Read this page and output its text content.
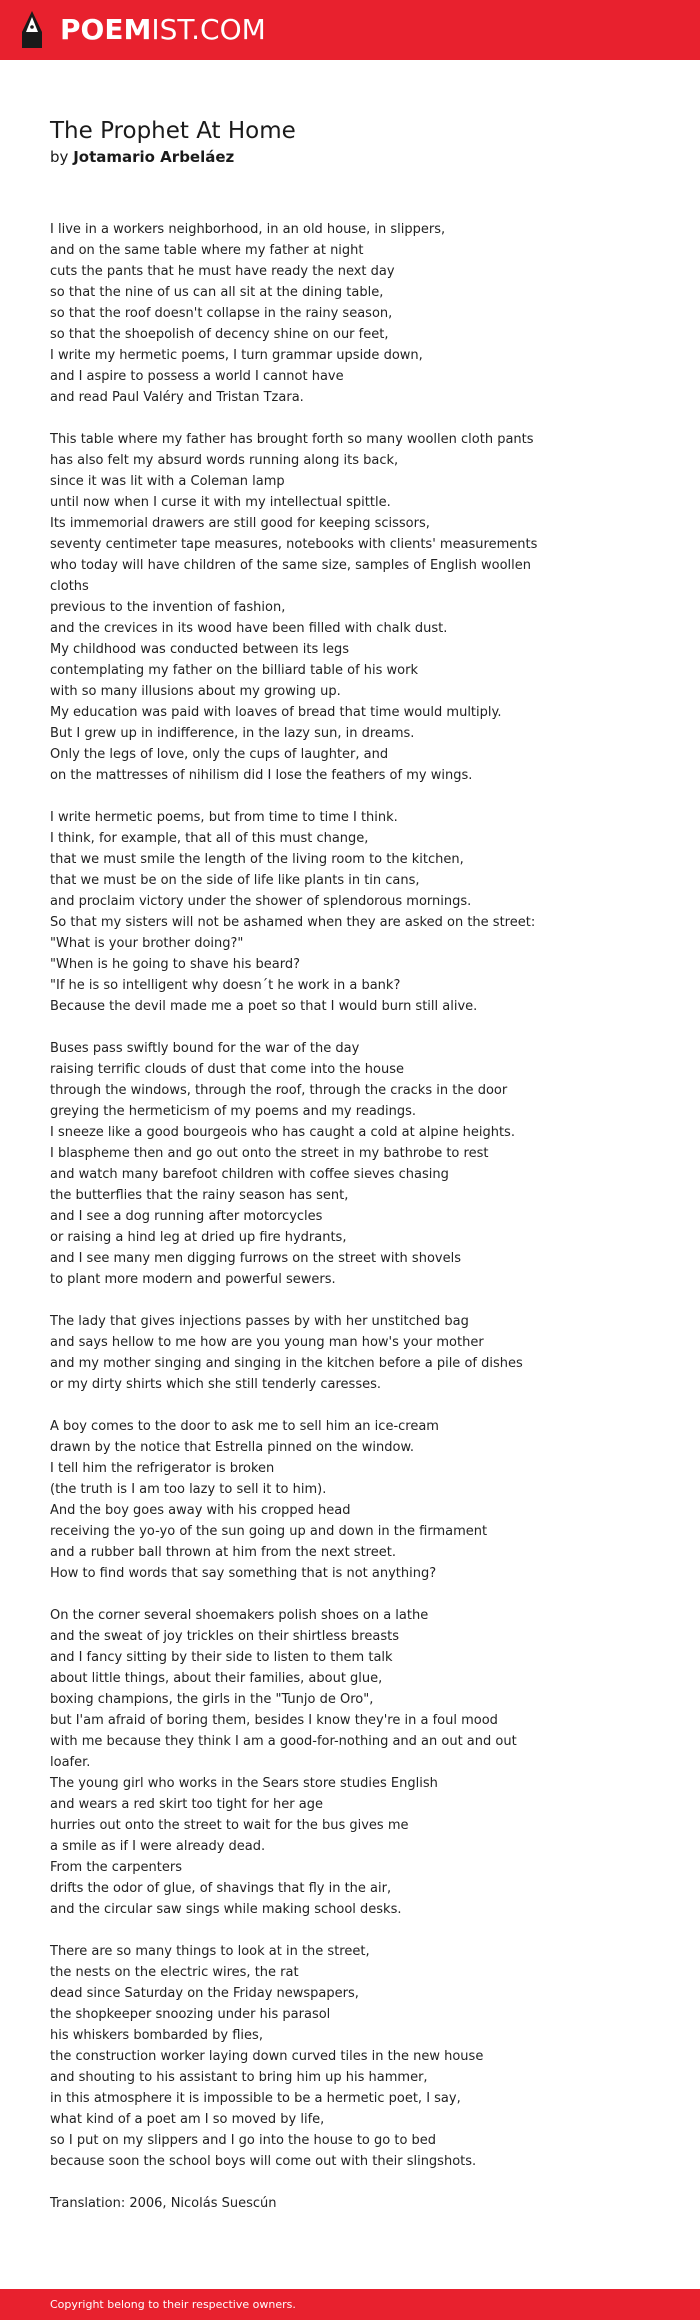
POEMIST.COM
The Prophet At Home
by Jotamario Arbeláez
I live in a workers neighborhood, in an old house, in slippers,
and on the same table where my father at night
cuts the pants that he must have ready the next day
so that the nine of us can all sit at the dining table,
so that the roof doesn't collapse in the rainy season,
so that the shoepolish of decency shine on our feet,
I write my hermetic poems, I turn grammar upside down,
and I aspire to possess a world I cannot have
and read Paul Valéry and Tristan Tzara.
This table where my father has brought forth so many woollen cloth pants
has also felt my absurd words running along its back,
since it was lit with a Coleman lamp
until now when I curse it with my intellectual spittle.
Its immemorial drawers are still good for keeping scissors,
seventy centimeter tape measures, notebooks with clients' measurements
who today will have children of the same size, samples of English woollen
cloths
previous to the invention of fashion,
and the crevices in its wood have been filled with chalk dust.
My childhood was conducted between its legs
contemplating my father on the billiard table of his work
with so many illusions about my growing up.
My education was paid with loaves of bread that time would multiply.
But I grew up in indifference, in the lazy sun, in dreams.
Only the legs of love, only the cups of laughter, and
on the mattresses of nihilism did I lose the feathers of my wings.
I write hermetic poems, but from time to time I think.
I think, for example, that all of this must change,
that we must smile the length of the living room to the kitchen,
that we must be on the side of life like plants in tin cans,
and proclaim victory under the shower of splendorous mornings.
So that my sisters will not be ashamed when they are asked on the street:
"What is your brother doing?"
"When is he going to shave his beard?
"If he is so intelligent why doesn´t he work in a bank?
Because the devil made me a poet so that I would burn still alive.
Buses pass swiftly bound for the war of the day
raising terrific clouds of dust that come into the house
through the windows, through the roof, through the cracks in the door
greying the hermeticism of my poems and my readings.
I sneeze like a good bourgeois who has caught a cold at alpine heights.
I blaspheme then and go out onto the street in my bathrobe to rest
and watch many barefoot children with coffee sieves chasing
the butterflies that the rainy season has sent,
and I see a dog running after motorcycles
or raising a hind leg at dried up fire hydrants,
and I see many men digging furrows on the street with shovels
to plant more modern and powerful sewers.
The lady that gives injections passes by with her unstitched bag
and says hellow to me how are you young man how's your mother
and my mother singing and singing in the kitchen before a pile of dishes
or my dirty shirts which she still tenderly caresses.
A boy comes to the door to ask me to sell him an ice-cream
drawn by the notice that Estrella pinned on the window.
I tell him the refrigerator is broken
(the truth is I am too lazy to sell it to him).
And the boy goes away with his cropped head
receiving the yo-yo of the sun going up and down in the firmament
and a rubber ball thrown at him from the next street.
How to find words that say something that is not anything?
On the corner several shoemakers polish shoes on a lathe
and the sweat of joy trickles on their shirtless breasts
and I fancy sitting by their side to listen to them talk
about little things, about their families, about glue,
boxing champions, the girls in the "Tunjo de Oro",
but I'am afraid of boring them, besides I know they're in a foul mood
with me because they think I am a good-for-nothing and an out and out
loafer.
The young girl who works in the Sears store studies English
and wears a red skirt too tight for her age
hurries out onto the street to wait for the bus gives me
a smile as if I were already dead.
From the carpenters
drifts the odor of glue, of shavings that fly in the air,
and the circular saw sings while making school desks.
There are so many things to look at in the street,
the nests on the electric wires, the rat
dead since Saturday on the Friday newspapers,
the shopkeeper snoozing under his parasol
his whiskers bombarded by flies,
the construction worker laying down curved tiles in the new house
and shouting to his assistant to bring him up his hammer,
in this atmosphere it is impossible to be a hermetic poet, I say,
what kind of a poet am I so moved by life,
so I put on my slippers and I go into the house to go to bed
because soon the school boys will come out with their slingshots.
Translation: 2006, Nicolás Suescún
Copyright belong to their respective owners.
